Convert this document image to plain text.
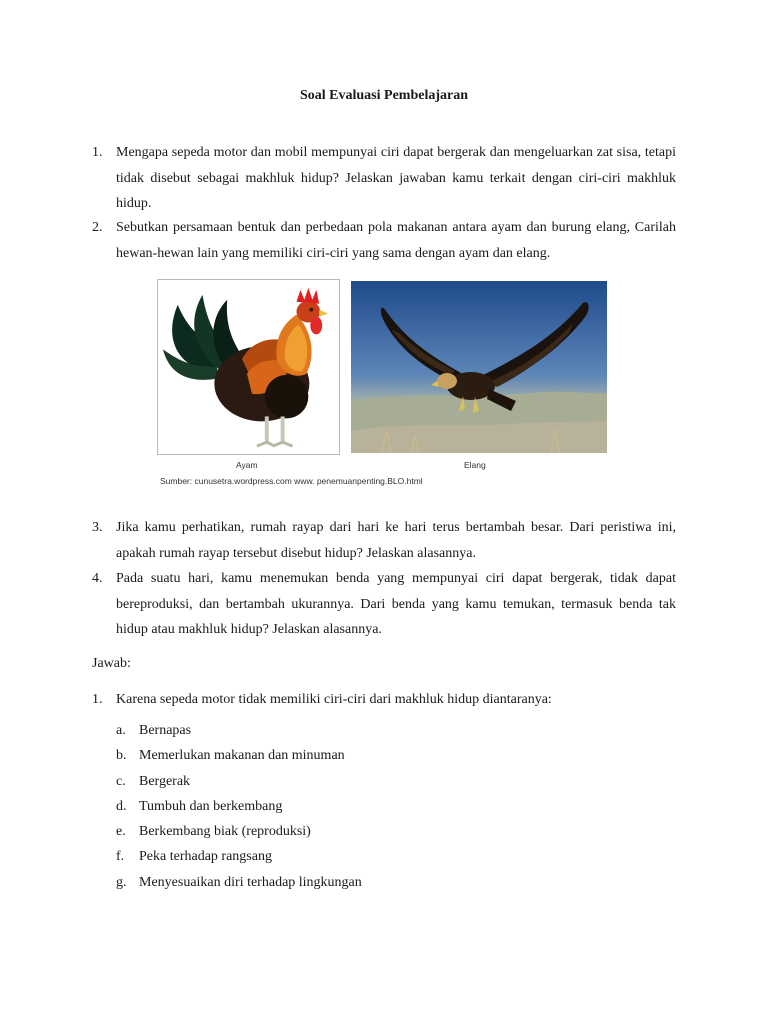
Soal Evaluasi Pembelajaran
1. Mengapa sepeda motor dan mobil mempunyai ciri dapat bergerak dan mengeluarkan zat sisa, tetapi tidak disebut sebagai makhluk hidup? Jelaskan jawaban kamu terkait dengan ciri-ciri makhluk hidup.
2. Sebutkan persamaan bentuk dan perbedaan pola makanan antara ayam dan burung elang, Carilah hewan-hewan lain yang memiliki ciri-ciri yang sama dengan ayam dan elang.
Ayam	Elang
Sumber: cunusetra.wordpress.com www. penemuanpenting.BLO.html
3. Jika kamu perhatikan, rumah rayap dari hari ke hari terus bertambah besar. Dari peristiwa ini, apakah rumah rayap tersebut disebut hidup? Jelaskan alasannya.
4. Pada suatu hari, kamu menemukan benda yang mempunyai ciri dapat bergerak, tidak dapat bereproduksi, dan bertambah ukurannya. Dari benda yang kamu temukan, termasuk benda tak hidup atau makhluk hidup? Jelaskan alasannya.
Jawab:
1. Karena sepeda motor tidak memiliki ciri-ciri dari makhluk hidup diantaranya:
a. Bernapas
b. Memerlukan makanan dan minuman
c. Bergerak
d. Tumbuh dan berkembang
e. Berkembang biak (reproduksi)
f. Peka terhadap rangsang
g. Menyesuaikan diri terhadap lingkungan
